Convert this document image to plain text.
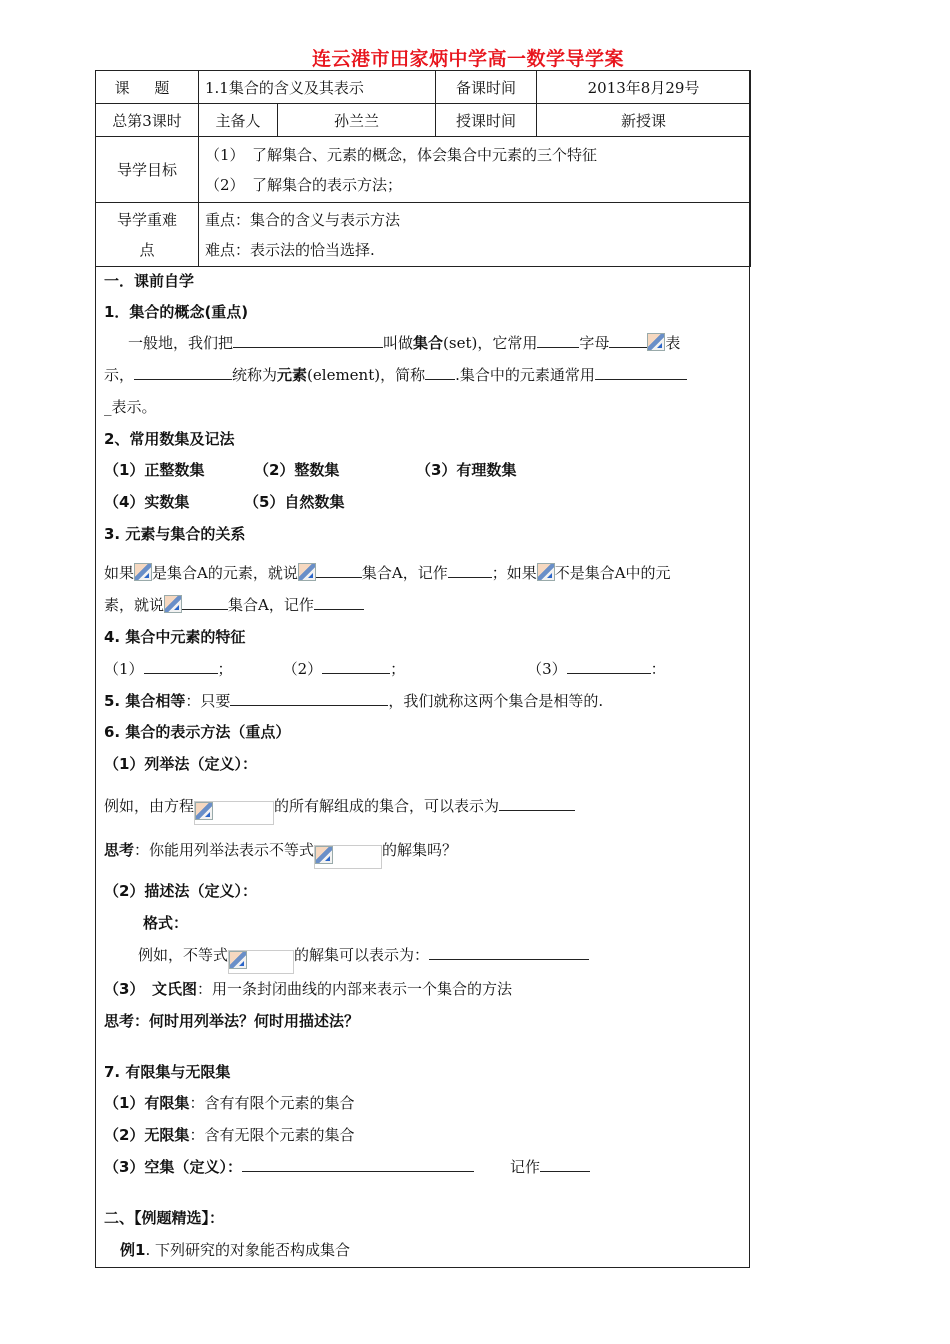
连云港市田家炳中学高一数学导学案
课 题	1.1集合的含义及其表示		备课时间	2013年8月29号
总第3课时	主备人	孙兰兰	授课时间	新授课
导学目标	（1）　了解集合、元素的概念，体会集合中元素的三个特征
（2）　了解集合的表示方法；			

导学重难点	重点：集合的含义与表示方法
难点：表示法的恰当选择.			
一．课前自学
1．集合的概念(重点)
一般地，我们把	叫做集合(set)，它常用	字母	表
示，	统称为元素(element)，简称 .集合中的元素通常用
_表示。
2、常用数集及记法
（1）正整数集	（2）整数集	（3）有理数集
（4）实数集	（5）自然数集
3. 元素与集合的关系
如果 是集合A的元素，就说	集合A，记作	；如果 不是集合A中的元
素，就说	集合A，记作
4. 集合中元素的特征
（1）	；	（2）	；	（3）	：
5. 集合相等：只要	，我们就称这两个集合是相等的.
6. 集合的表示方法（重点）
（1）列举法（定义）：
例如，由方程	的所有解组成的集合，可以表示为
思考：你能用列举法表示不等式	的解集吗？
（2）描述法（定义）：
格式：
例如，不等式	的解集可以表示为：
（3）　文氏图：用一条封闭曲线的内部来表示一个集合的方法
思考：何时用列举法？何时用描述法？
7. 有限集与无限集
（1）有限集：含有有限个元素的集合
（2）无限集：含有无限个元素的集合
（3）空集（定义）：	记作
二、【例题精选】：
例1. 下列研究的对象能否构成集合
